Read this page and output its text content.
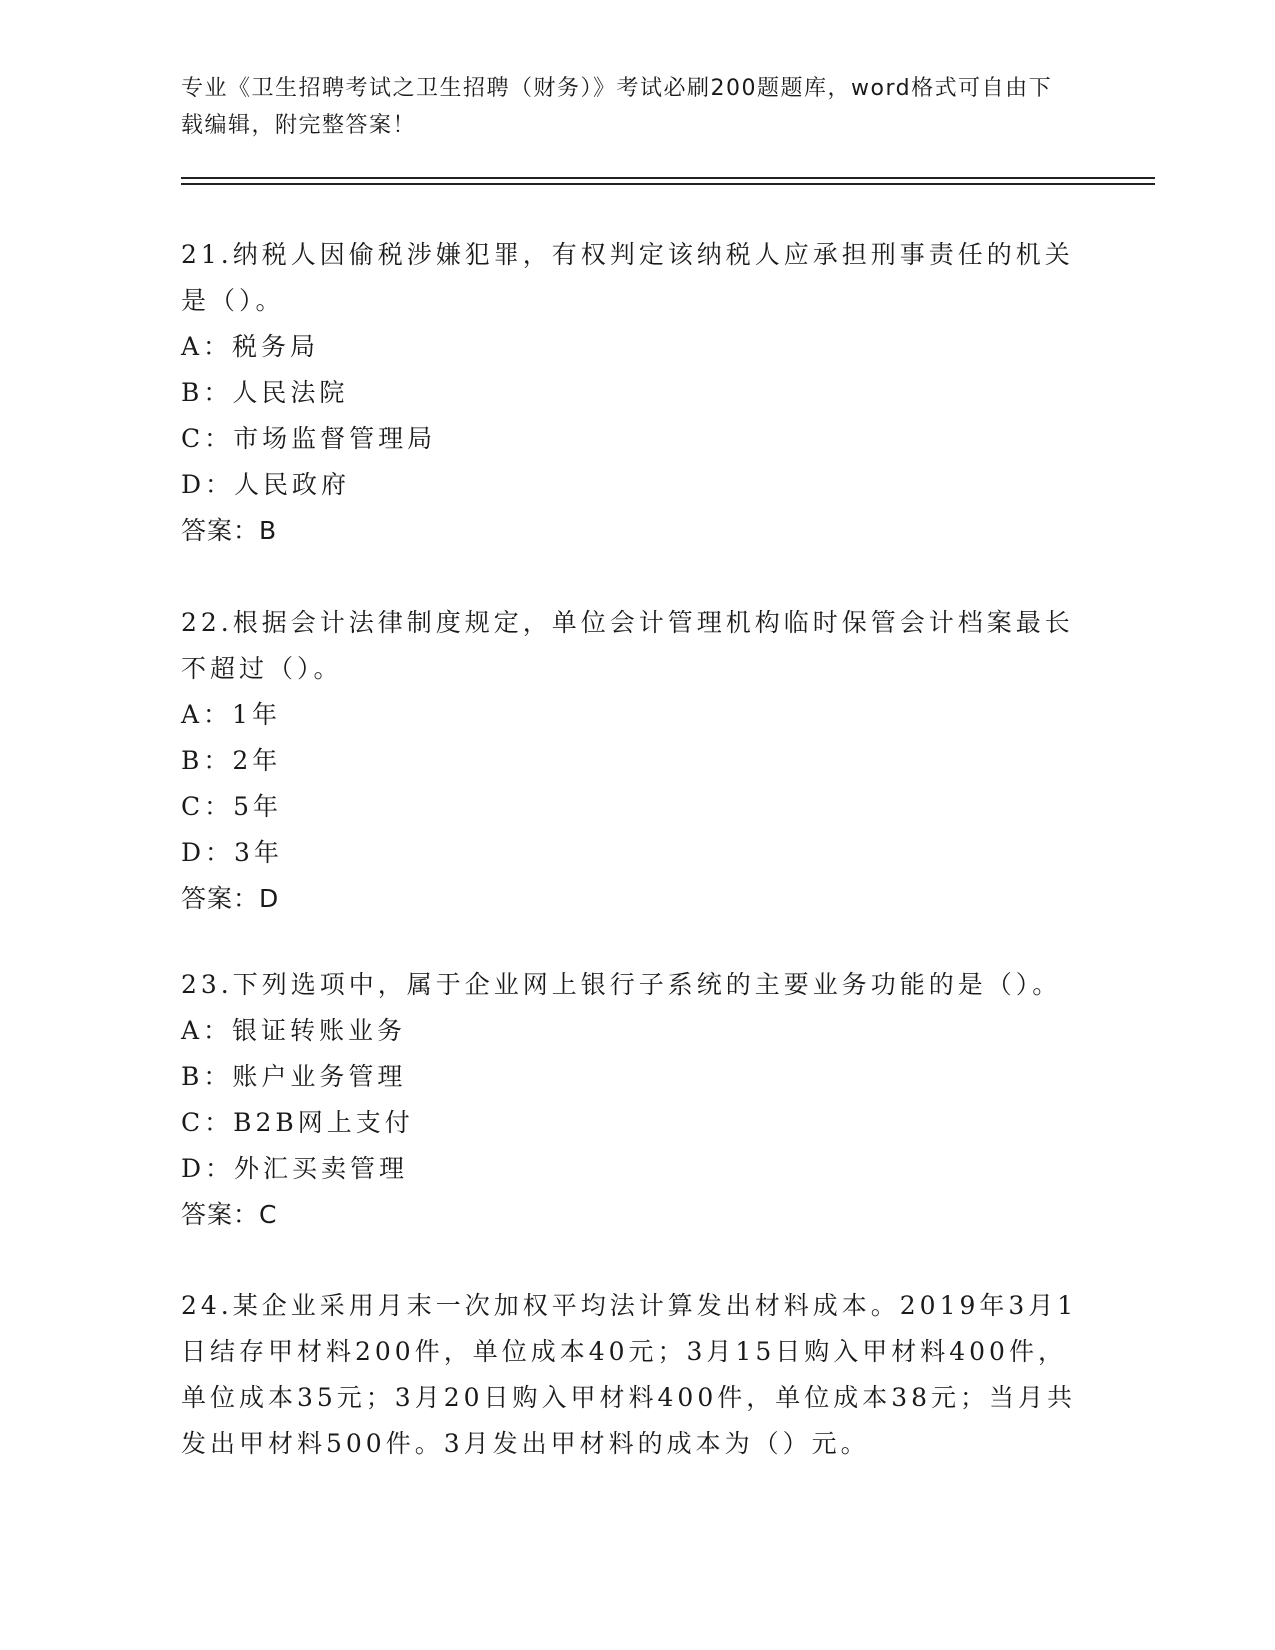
专业《卫生招聘考试之卫生招聘（财务）》考试必刷200题题库，word格式可自由下载编辑，附完整答案！
21.纳税人因偷税涉嫌犯罪，有权判定该纳税人应承担刑事责任的机关是（）。
A：税务局
B：人民法院
C：市场监督管理局
D：人民政府
答案：B
22.根据会计法律制度规定，单位会计管理机构临时保管会计档案最长不超过（）。
A：1年
B：2年
C：5年
D：3年
答案：D
23.下列选项中，属于企业网上银行子系统的主要业务功能的是（）。
A：银证转账业务
B：账户业务管理
C：B2B网上支付
D：外汇买卖管理
答案：C
24.某企业采用月末一次加权平均法计算发出材料成本。2019年3月1日结存甲材料200件，单位成本40元；3月15日购入甲材料400件，单位成本35元；3月20日购入甲材料400件，单位成本38元；当月共发出甲材料500件。3月发出甲材料的成本为（）元。
